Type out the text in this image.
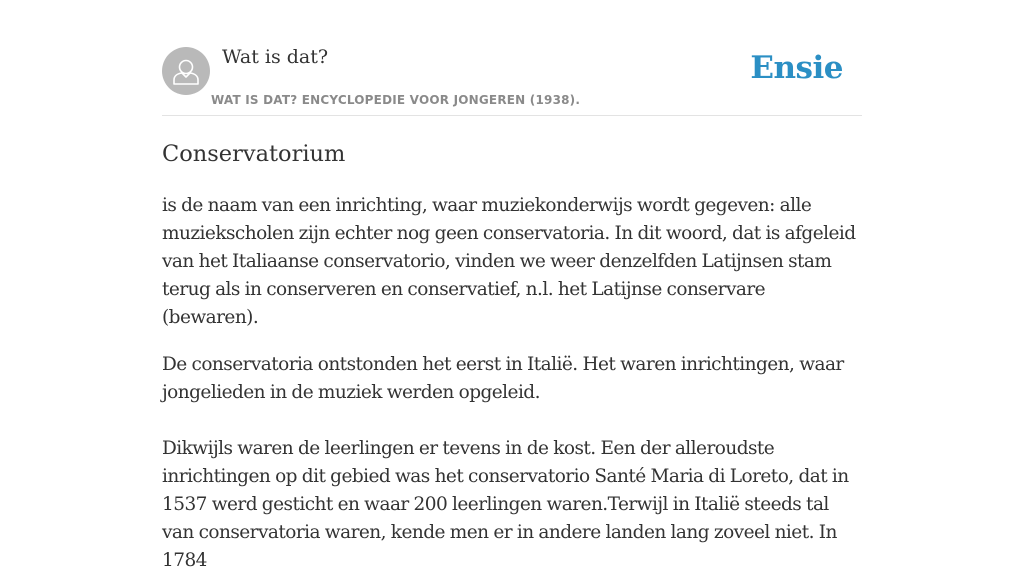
Wat is dat?
WAT IS DAT? ENCYCLOPEDIE VOOR JONGEREN (1938).
Ensie
Conservatorium

is de naam van een inrichting, waar muziekonderwijs wordt gegeven: alle muziekscholen zijn echter nog geen conservatoria. In dit woord, dat is afgeleid van het Italiaanse conservatorio, vinden we weer denzelfden Latijnsen stam terug als in conserveren en conservatief, n.l. het Latijnse conservare (bewaren).

De conservatoria ontstonden het eerst in Italië. Het waren inrichtingen, waar jongelieden in de muziek werden opgeleid.

Dikwijls waren de leerlingen er tevens in de kost. Een der alleroudste inrichtingen op dit gebied was het conservatorio Santé Maria di Loreto, dat in 1537 werd gesticht en waar 200 leerlingen waren.Terwijl in Italië steeds tal van conservatoria waren, kende men er in andere landen lang zoveel niet. In 1784
